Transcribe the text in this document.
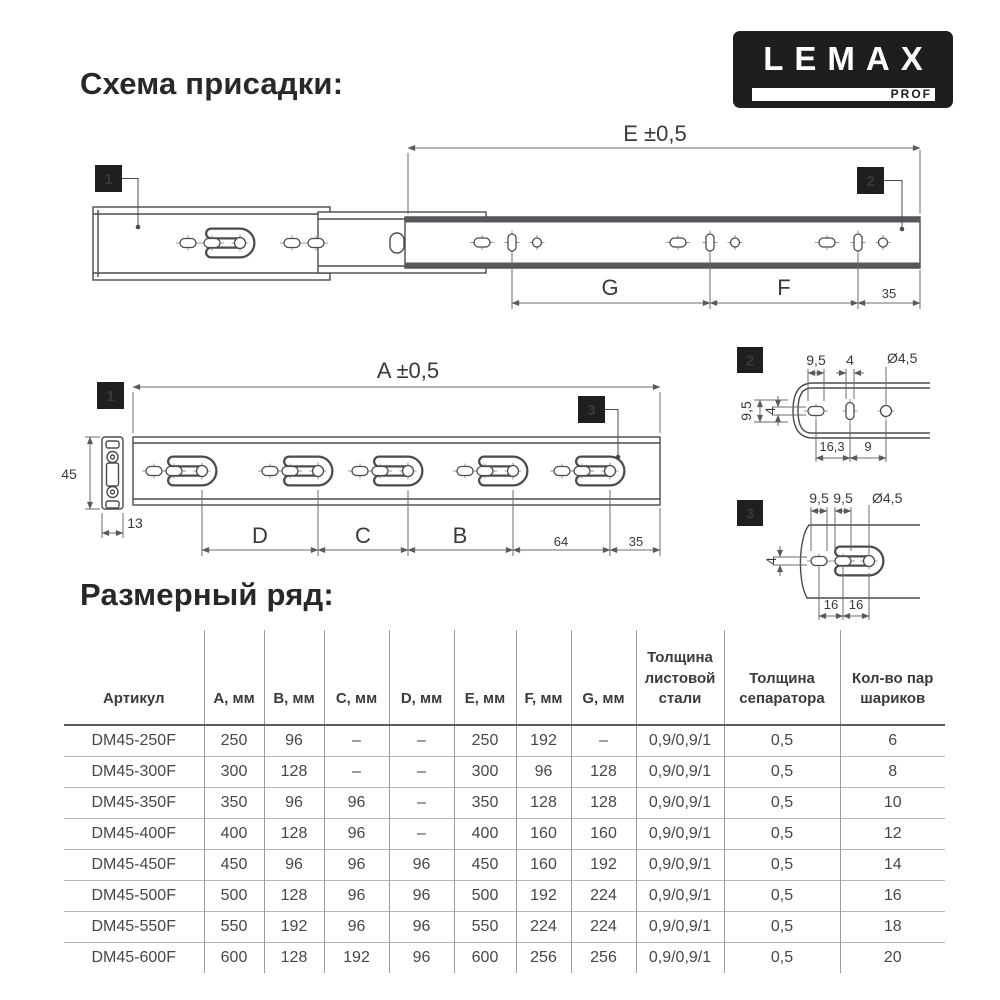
Схема присадки:
LEMAX
PROF
E ±0,5
G	F	35
A ±0,5
D	C	B	64	35
45
13
9,5 4 Ø4,5
9,5 4
16,3 9
9,5 9,5 Ø4,5
4
16 16
1	2
1
3
2
3
Размерный ряд:
Артикул	A, мм	B, мм	C, мм	D, мм	E, мм	F, мм	G, мм	Толщина листовой стали	Толщина сепаратора	Кол-во пар шариков
DM45-250F	250	96	–	–	250	192	–	0,9/0,9/1	0,5	6
DM45-300F	300	128	–	–	300	96	128	0,9/0,9/1	0,5	8
DM45-350F	350	96	96	–	350	128	128	0,9/0,9/1	0,5	10
DM45-400F	400	128	96	–	400	160	160	0,9/0,9/1	0,5	12
DM45-450F	450	96	96	96	450	160	192	0,9/0,9/1	0,5	14
DM45-500F	500	128	96	96	500	192	224	0,9/0,9/1	0,5	16
DM45-550F	550	192	96	96	550	224	224	0,9/0,9/1	0,5	18
DM45-600F	600	128	192	96	600	256	256	0,9/0,9/1	0,5	20
